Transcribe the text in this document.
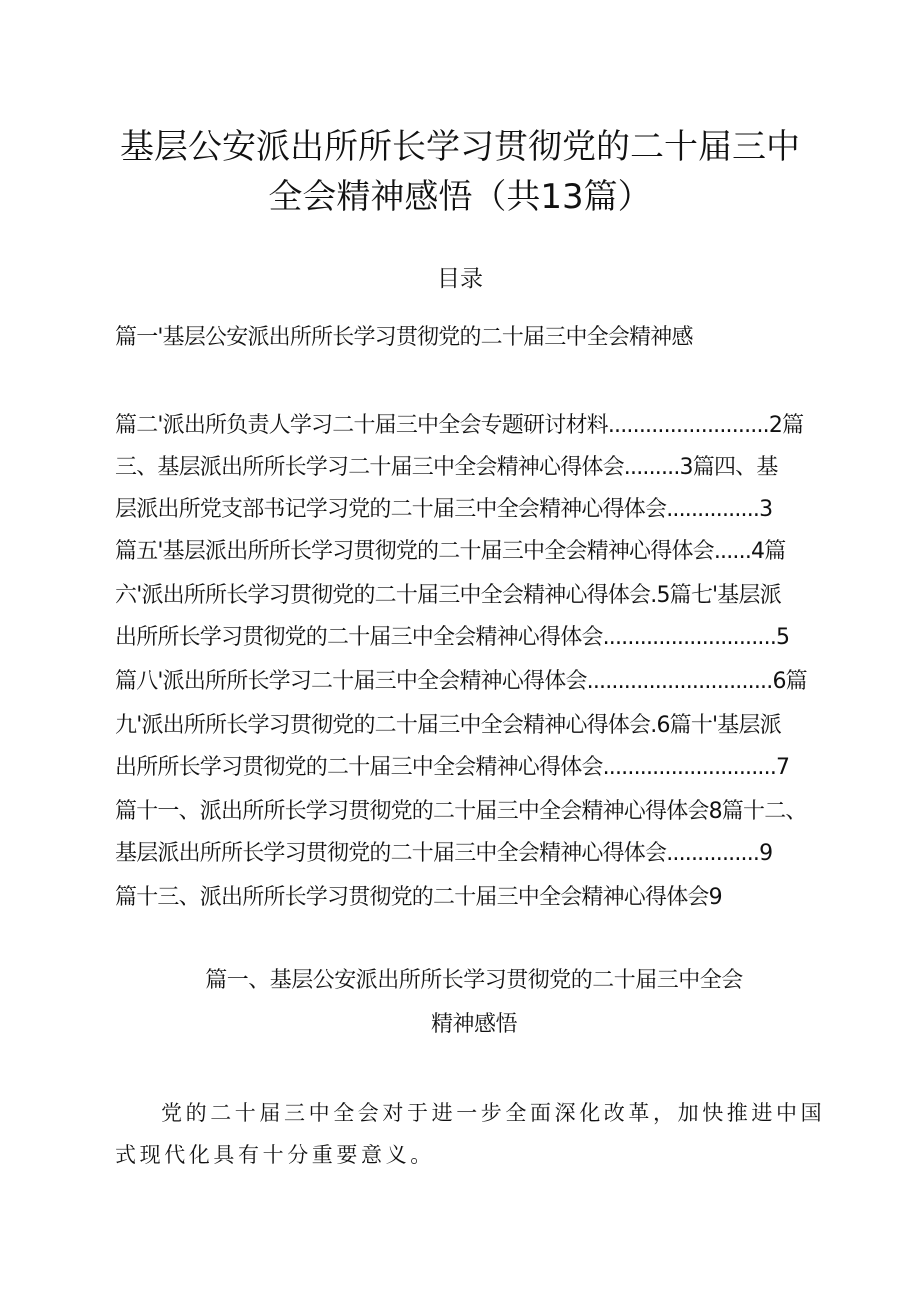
基层公安派出所所长学习贯彻党的二十届三中
全会精神感悟（共13篇）
目录
篇一'基层公安派出所所长学习贯彻党的二十届三中全会精神感
篇二'派出所负责人学习二十届三中全会专题研讨材料..........................2篇
三、基层派出所所长学习二十届三中全会精神心得体会.........3篇四、基
层派出所党支部书记学习党的二十届三中全会精神心得体会...............3
篇五'基层派出所所长学习贯彻党的二十届三中全会精神心得体会......4篇
六'派出所所长学习贯彻党的二十届三中全会精神心得体会.5篇七'基层派
出所所长学习贯彻党的二十届三中全会精神心得体会............................5
篇八'派出所所长学习二十届三中全会精神心得体会..............................6篇
九'派出所所长学习贯彻党的二十届三中全会精神心得体会.6篇十'基层派
出所所长学习贯彻党的二十届三中全会精神心得体会............................7
篇十一、派出所所长学习贯彻党的二十届三中全会精神心得体会8篇十二、
基层派出所所长学习贯彻党的二十届三中全会精神心得体会...............9
篇十三、派出所所长学习贯彻党的二十届三中全会精神心得体会9
篇一、基层公安派出所所长学习贯彻党的二十届三中全会
精神感悟
党的二十届三中全会对于进一步全面深化改革，加快推进中国式现代化具有十分重要意义。
